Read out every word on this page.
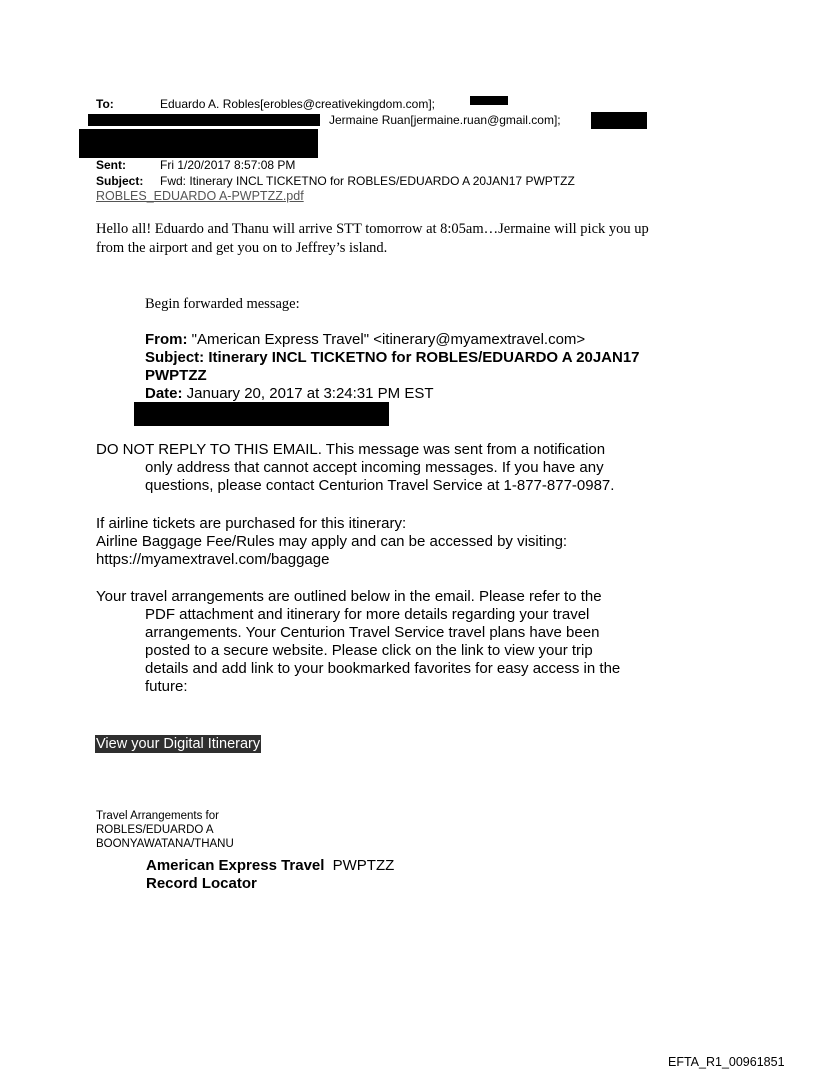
To:	Eduardo A. Robles[erobles@creativekingdom.com];
Jermaine Ruan[jermaine.ruan@gmail.com];
Sent:	Fri 1/20/2017 8:57:08 PM
Subject: Fwd: Itinerary INCL TICKETNO for ROBLES/EDUARDO A 20JAN17 PWPTZZ
ROBLES_EDUARDO A-PWPTZZ.pdf
Hello all! Eduardo and Thanu will arrive STT tomorrow at 8:05am…Jermaine will pick you up
from the airport and get you on to Jeffrey’s island.
Begin forwarded message:
From: "American Express Travel" <itinerary@myamextravel.com>
Subject: Itinerary INCL TICKETNO for ROBLES/EDUARDO A 20JAN17
PWPTZZ
Date: January 20, 2017 at 3:24:31 PM EST
DO NOT REPLY TO THIS EMAIL. This message was sent from a notification
only address that cannot accept incoming messages. If you have any
questions, please contact Centurion Travel Service at 1-877-877-0987.
If airline tickets are purchased for this itinerary:
Airline Baggage Fee/Rules may apply and can be accessed by visiting:
https://myamextravel.com/baggage
Your travel arrangements are outlined below in the email. Please refer to the
PDF attachment and itinerary for more details regarding your travel
arrangements. Your Centurion Travel Service travel plans have been
posted to a secure website. Please click on the link to view your trip
details and add link to your bookmarked favorites for easy access in the
future:
View your Digital Itinerary
Travel Arrangements for
ROBLES/EDUARDO A
BOONYAWATANA/THANU
American Express Travel PWPTZZ
Record Locator
EFTA_R1_00961851
